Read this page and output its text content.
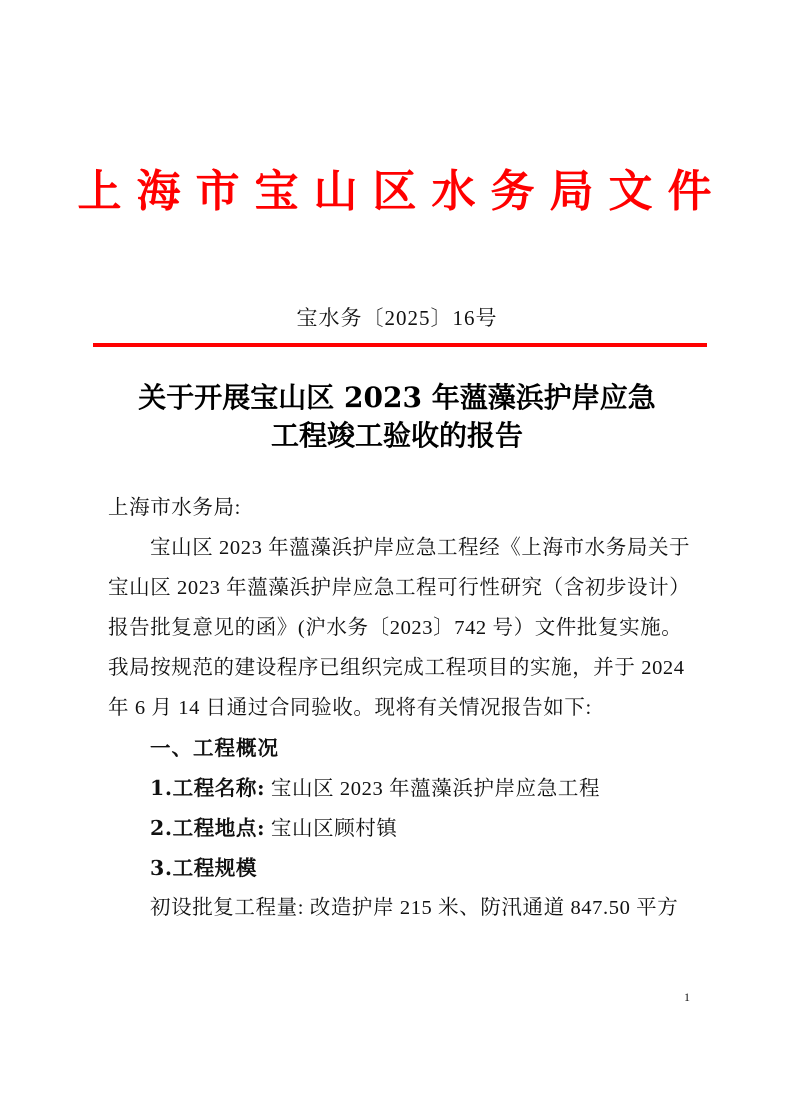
上海市宝山区水务局文件
宝水务〔2025〕16号
关于开展宝山区 2023 年薀藻浜护岸应急
工程竣工验收的报告
上海市水务局:
宝山区 2023 年薀藻浜护岸应急工程经《上海市水务局关于
宝山区 2023 年薀藻浜护岸应急工程可行性研究（含初步设计）
报告批复意见的函》(沪水务〔2023〕742 号）文件批复实施。
我局按规范的建设程序已组织完成工程项目的实施，并于 2024
年 6 月 14 日通过合同验收。现将有关情况报告如下:
一、工程概况
1.工程名称: 宝山区 2023 年薀藻浜护岸应急工程
2.工程地点: 宝山区顾村镇
3.工程规模
初设批复工程量: 改造护岸 215 米、防汛通道 847.50 平方
1
